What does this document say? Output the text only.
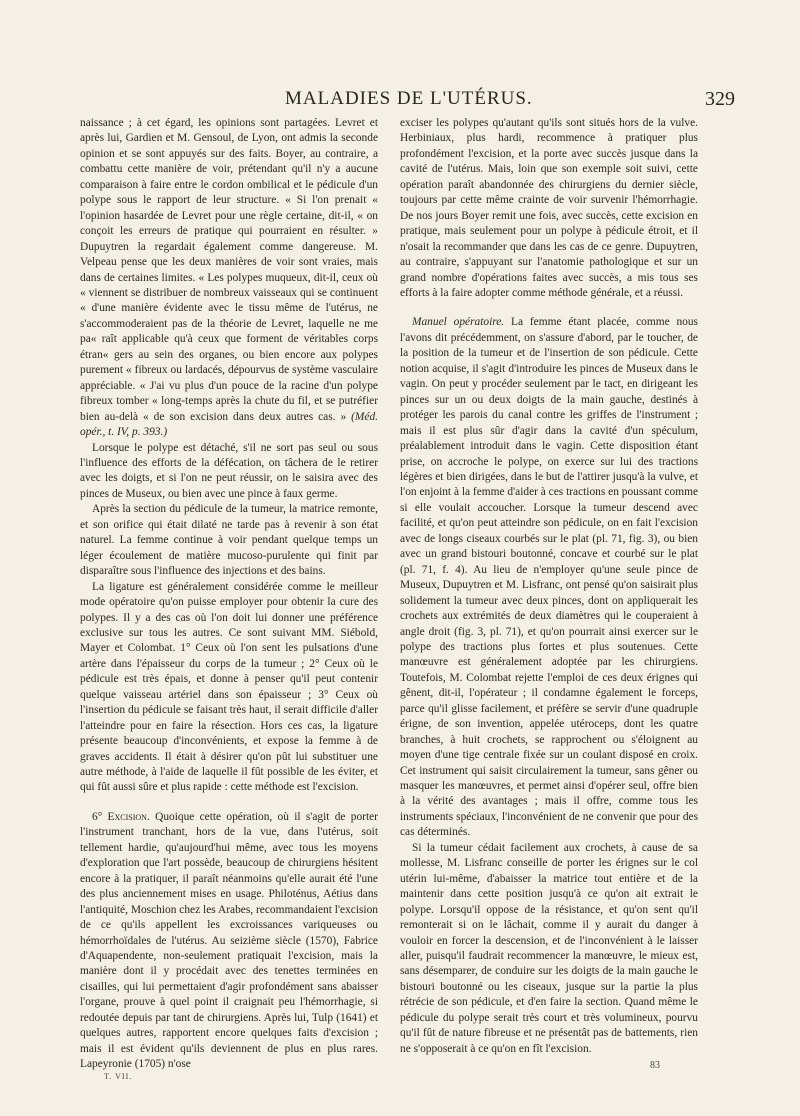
MALADIES DE L'UTÉRUS.	329

naissance ; à cet égard, les opinions sont partagées. Levret et après lui, Gardien et M. Gensoul, de Lyon, ont admis la seconde opinion et se sont appuyés sur des faits. Boyer, au contraire, a combattu cette manière de voir, prétendant qu'il n'y a aucune comparaison à faire entre le cordon ombilical et le pédicule d'un polype sous le rapport de leur structure. « Si l'on prenait « l'opinion hasardée de Levret pour une règle certaine, dit-il, « on conçoit les erreurs de pratique qui pourraient en résulter. » Dupuytren la regardait également comme dangereuse. M. Velpeau pense que les deux manières de voir sont vraies, mais dans de certaines limites. « Les polypes muqueux, dit-il, ceux où « viennent se distribuer de nombreux vaisseaux qui se continuent « d'une manière évidente avec le tissu même de l'utérus, ne s'accommoderaient pas de la théorie de Levret, laquelle ne me pa« raît applicable qu'à ceux que forment de véritables corps étran« gers au sein des organes, ou bien encore aux polypes purement « fibreux ou lardacés, dépourvus de système vasculaire appréciable. « J'ai vu plus d'un pouce de la racine d'un polype fibreux tomber « long-temps après la chute du fil, et se putréfier bien au-delà « de son excision dans deux autres cas. » (Méd. opér., t. IV, p. 393.)

Lorsque le polype est détaché, s'il ne sort pas seul ou sous l'influence des efforts de la défécation, on tâchera de le retirer avec les doigts, et si l'on ne peut réussir, on le saisira avec des pinces de Museux, ou bien avec une pince à faux germe.

Après la section du pédicule de la tumeur, la matrice remonte, et son orifice qui était dilaté ne tarde pas à revenir à son état naturel. La femme continue à voir pendant quelque temps un léger écoulement de matière mucoso-purulente qui finit par disparaître sous l'influence des injections et des bains.

La ligature est généralement considérée comme le meilleur mode opératoire qu'on puisse employer pour obtenir la cure des polypes. Il y a des cas où l'on doit lui donner une préférence exclusive sur tous les autres. Ce sont suivant MM. Siébold, Mayer et Colombat. 1° Ceux où l'on sent les pulsations d'une artère dans l'épaisseur du corps de la tumeur ; 2° Ceux où le pédicule est très épais, et donne à penser qu'il peut contenir quelque vaisseau artériel dans son épaisseur ; 3° Ceux où l'insertion du pédicule se faisant très haut, il serait difficile d'aller l'atteindre pour en faire la résection. Hors ces cas, la ligature présente beaucoup d'inconvénients, et expose la femme à de graves accidents. Il était à désirer qu'on pût lui substituer une autre méthode, à l'aide de laquelle il fût possible de les éviter, et qui fût aussi sûre et plus rapide : cette méthode est l'excision.

6° Excision. Quoique cette opération, où il s'agit de porter l'instrument tranchant, hors de la vue, dans l'utérus, soit tellement hardie, qu'aujourd'hui même, avec tous les moyens d'exploration que l'art possède, beaucoup de chirurgiens hésitent encore à la pratiquer, il paraît néanmoins qu'elle aurait été l'une des plus anciennement mises en usage. Philoténus, Aétius dans l'antiquité, Moschion chez les Arabes, recommandaient l'excision de ce qu'ils appellent les excroissances variqueuses ou hémorrhoïdales de l'utérus. Au seizième siècle (1570), Fabrice d'Aquapendente, non-seulement pratiquait l'excision, mais la manière dont il y procédait avec des tenettes terminées en cisailles, qui lui permettaient d'agir profondément sans abaisser l'organe, prouve à quel point il craignait peu l'hémorrhagie, si redoutée depuis par tant de chirurgiens. Après lui, Tulp (1641) et quelques autres, rapportent encore quelques faits d'excision ; mais il est évident qu'ils deviennent de plus en plus rares. Lapeyronie (1705) n'ose

exciser les polypes qu'autant qu'ils sont situés hors de la vulve. Herbiniaux, plus hardi, recommence à pratiquer plus profondément l'excision, et la porte avec succès jusque dans la cavité de l'utérus. Mais, loin que son exemple soit suivi, cette opération paraît abandonnée des chirurgiens du dernier siècle, toujours par cette même crainte de voir survenir l'hémorrhagie. De nos jours Boyer remit une fois, avec succès, cette excision en pratique, mais seulement pour un polype à pédicule étroit, et il n'osait la recommander que dans les cas de ce genre. Dupuytren, au contraire, s'appuyant sur l'anatomie pathologique et sur un grand nombre d'opérations faites avec succès, a mis tous ses efforts à la faire adopter comme méthode générale, et a réussi.

Manuel opératoire. La femme étant placée, comme nous l'avons dit précédemment, on s'assure d'abord, par le toucher, de la position de la tumeur et de l'insertion de son pédicule. Cette notion acquise, il s'agit d'introduire les pinces de Museux dans le vagin. On peut y procéder seulement par le tact, en dirigeant les pinces sur un ou deux doigts de la main gauche, destinés à protéger les parois du canal contre les griffes de l'instrument ; mais il est plus sûr d'agir dans la cavité d'un spéculum, préalablement introduit dans le vagin. Cette disposition étant prise, on accroche le polype, on exerce sur lui des tractions légères et bien dirigées, dans le but de l'attirer jusqu'à la vulve, et l'on enjoint à la femme d'aider à ces tractions en poussant comme si elle voulait accoucher. Lorsque la tumeur descend avec facilité, et qu'on peut atteindre son pédicule, on en fait l'excision avec de longs ciseaux courbés sur le plat (pl. 71, fig. 3), ou bien avec un grand bistouri boutonné, concave et courbé sur le plat (pl. 71, f. 4). Au lieu de n'employer qu'une seule pince de Museux, Dupuytren et M. Lisfranc, ont pensé qu'on saisirait plus solidement la tumeur avec deux pinces, dont on appliquerait les crochets aux extrémités de deux diamètres qui le couperaient à angle droit (fig. 3, pl. 71), et qu'on pourrait ainsi exercer sur le polype des tractions plus fortes et plus soutenues. Cette manœuvre est généralement adoptée par les chirurgiens. Toutefois, M. Colombat rejette l'emploi de ces deux érignes qui gênent, dit-il, l'opérateur ; il condamne également le forceps, parce qu'il glisse facilement, et préfère se servir d'une quadruple érigne, de son invention, appelée utéroceps, dont les quatre branches, à huit crochets, se rapprochent ou s'éloignent au moyen d'une tige centrale fixée sur un coulant disposé en croix. Cet instrument qui saisit circulairement la tumeur, sans gêner ou masquer les manœuvres, et permet ainsi d'opérer seul, offre bien à la vérité des avantages ; mais il offre, comme tous les instruments spéciaux, l'inconvénient de ne convenir que pour des cas déterminés.

Si la tumeur cédait facilement aux crochets, à cause de sa mollesse, M. Lisfranc conseille de porter les érignes sur le col utérin lui-même, d'abaisser la matrice tout entière et de la maintenir dans cette position jusqu'à ce qu'on ait extrait le polype. Lorsqu'il oppose de la résistance, et qu'on sent qu'il remonterait si on le lâchait, comme il y aurait du danger à vouloir en forcer la descension, et de l'inconvénient à le laisser aller, puisqu'il faudrait recommencer la manœuvre, le mieux est, sans désemparer, de conduire sur les doigts de la main gauche le bistouri boutonné ou les ciseaux, jusque sur la partie la plus rétrécie de son pédicule, et d'en faire la section. Quand même le pédicule du polype serait très court et très volumineux, pourvu qu'il fût de nature fibreuse et ne présentât pas de battements, rien ne s'opposerait à ce qu'on en fît l'excision.

T. VII.
83
